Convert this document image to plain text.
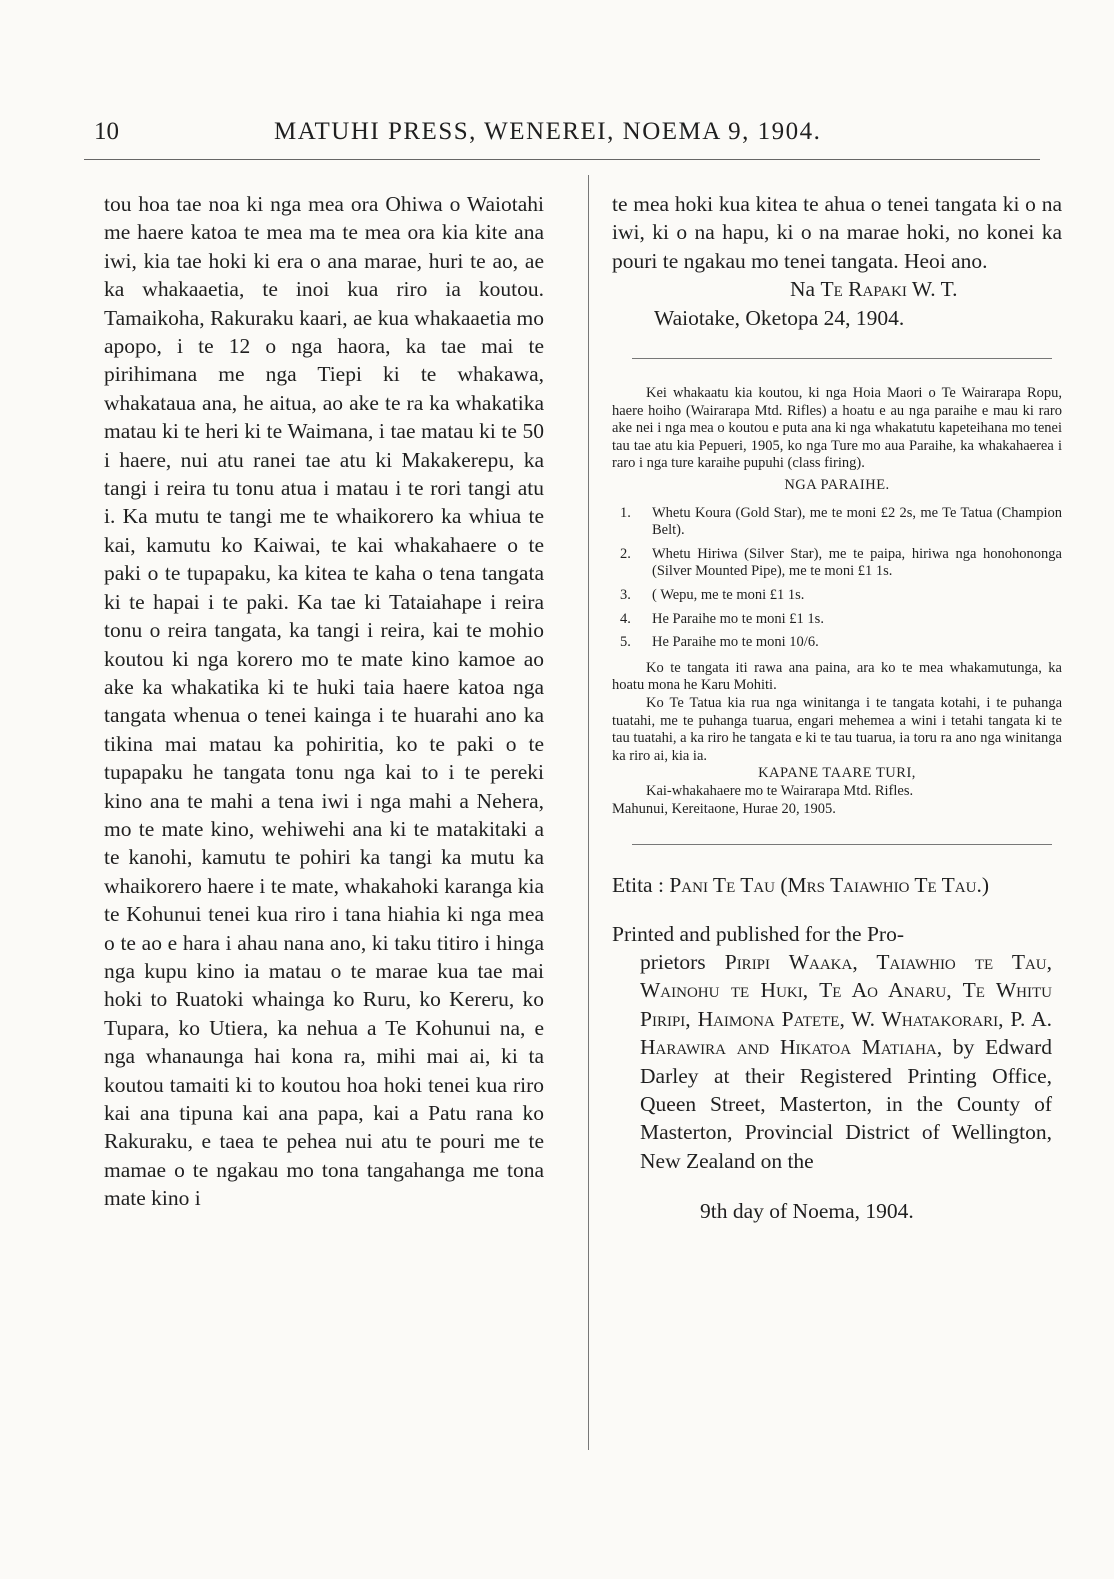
10	MATUHI PRESS, WENEREI, NOEMA 9, 1904.

tou hoa tae noa ki nga mea ora Ohiwa o Waiotahi me haere katoa te mea ma te mea ora kia kite ana iwi, kia tae hoki ki era o ana marae, huri te ao, ae ka whakaaetia, te inoi kua riro ia koutou. Tamaikoha, Rakuraku kaari, ae kua whakaaetia mo apopo, i te 12 o nga haora, ka tae mai te pirihimana me nga Tiepi ki te whakawa, whakataua ana, he aitua, ao ake te ra ka whakatika matau ki te heri ki te Waimana, i tae matau ki te 50 i haere, nui atu ranei tae atu ki Makakerepu, ka tangi i reira tu tonu atua i matau i te rori tangi atu i. Ka mutu te tangi me te whaikorero ka whiua te kai, kamutu ko Kaiwai, te kai whakahaere o te paki o te tupapaku, ka kitea te kaha o tena tangata ki te hapai i te paki. Ka tae ki Tataiahape i reira tonu o reira tangata, ka tangi i reira, kai te mohio koutou ki nga korero mo te mate kino kamoe ao ake ka whakatika ki te huki taia haere katoa nga tangata whenua o tenei kainga i te huarahi ano ka tikina mai matau ka pohiritia, ko te paki o te tupapaku he tangata tonu nga kai to i te pereki kino ana te mahi a tena iwi i nga mahi a Nehera, mo te mate kino, wehiwehi ana ki te matakitaki a te kanohi, kamutu te pohiri ka tangi ka mutu ka whaikorero haere i te mate, whakahoki karanga kia te Kohunui tenei kua riro i tana hiahia ki nga mea o te ao e hara i ahau nana ano, ki taku titiro i hinga nga kupu kino ia matau o te marae kua tae mai hoki to Ruatoki whainga ko Ruru, ko Kereru, ko Tupara, ko Utiera, ka nehua a Te Kohunui na, e nga whanaunga hai kona ra, mihi mai ai, ki ta koutou tamaiti ki to koutou hoa hoki tenei kua riro kai ana tipuna kai ana papa, kai a Patu rana ko Rakuraku, e taea te pehea nui atu te pouri me te mamae o te ngakau mo tona tangahanga me tona mate kino i

te mea hoki kua kitea te ahua o tenei tangata ki o na iwi, ki o na hapu, ki o na marae hoki, no konei ka pouri te ngakau mo tenei tangata. Heoi ano.

Na Te Rapaki W. T.

Waiotake, Oketopa 24, 1904.

Kei whakaatu kia koutou, ki nga Hoia Maori o Te Wairarapa Ropu, haere hoiho (Wairarapa Mtd. Rifles) a hoatu e au nga paraihe e mau ki raro ake nei i nga mea o koutou e puta ana ki nga whakatutu kapeteihana mo tenei tau tae atu kia Pepueri, 1905, ko nga Ture mo aua Paraihe, ka whakahaerea i raro i nga ture karaihe pupuhi (class firing).

NGA PARAIHE.

1. Whetu Koura (Gold Star), me te moni £2 2s, me Te Tatua (Champion Belt).
2. Whetu Hiriwa (Silver Star), me te paipa, hiriwa nga honohononga (Silver Mounted Pipe), me te moni £1 1s.
3. ( Wepu, me te moni £1 1s.
4. He Paraihe mo te moni £1 1s.
5. He Paraihe mo te moni 10/6.

Ko te tangata iti rawa ana paina, ara ko te mea whakamutunga, ka hoatu mona he Karu Mohiti.

Ko Te Tatua kia rua nga winitanga i te tangata kotahi, i te puhanga tuatahi, me te puhanga tuarua, engari mehemea a wini i tetahi tangata ki te tau tuatahi, a ka riro he tangata e ki te tau tuarua, ia toru ra ano nga winitanga ka riro ai, kia ia.

KAPANE TAARE TURI,

Kai-whakahaere mo te Wairarapa Mtd. Rifles.

Mahunui, Kereitaone, Hurae 20, 1905.

Etita : Pani Te Tau (Mrs Taiawhio Te Tau.)

Printed and published for the Pro-
prietors Piripi Waaka, Taiawhio te Tau, Wainohu te Huki, Te Ao Anaru, Te Whitu Piripi, Haimona Patete, W. Whatakorari, P. A. Harawira and Hikatoa Matiaha, by Edward Darley at their Registered Printing Office, Queen Street, Masterton, in the County of Masterton, Provincial District of Wellington, New Zealand on the

9th day of Noema, 1904.
